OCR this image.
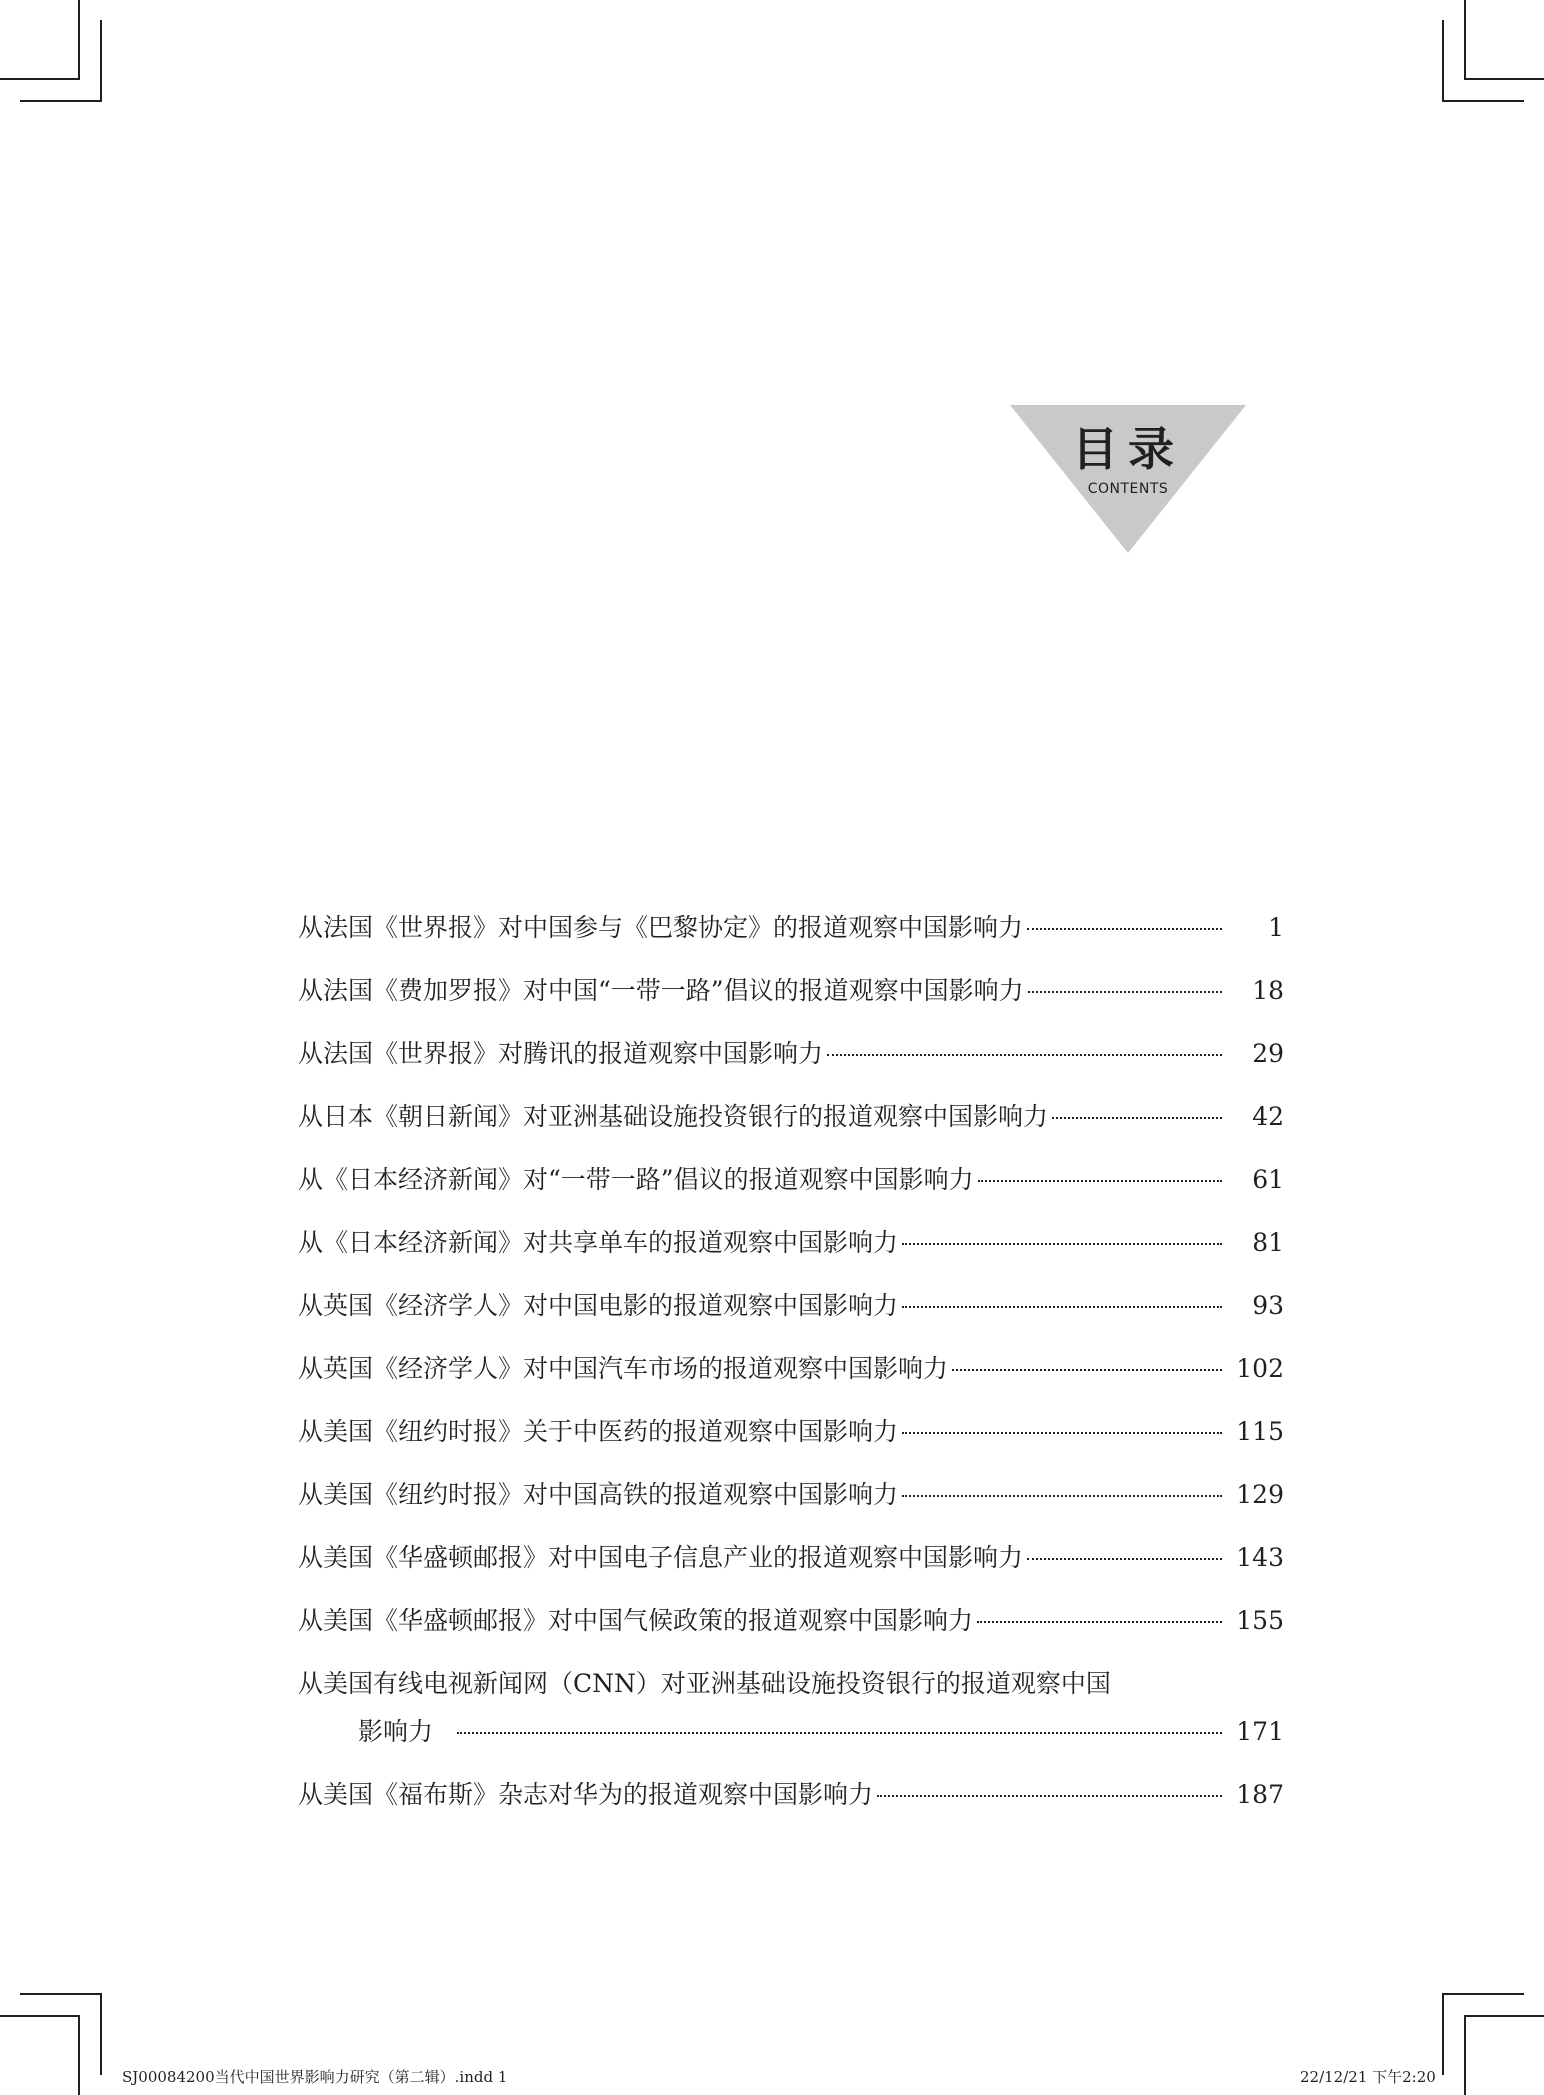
目录
CONTENTS
从法国《世界报》对中国参与《巴黎协定》的报道观察中国影响力	1
从法国《费加罗报》对中国“一带一路”倡议的报道观察中国影响力	18
从法国《世界报》对腾讯的报道观察中国影响力	29
从日本《朝日新闻》对亚洲基础设施投资银行的报道观察中国影响力	42
从《日本经济新闻》对“一带一路”倡议的报道观察中国影响力	61
从《日本经济新闻》对共享单车的报道观察中国影响力	81
从英国《经济学人》对中国电影的报道观察中国影响力	93
从英国《经济学人》对中国汽车市场的报道观察中国影响力	102
从美国《纽约时报》关于中医药的报道观察中国影响力	115
从美国《纽约时报》对中国高铁的报道观察中国影响力	129
从美国《华盛顿邮报》对中国电子信息产业的报道观察中国影响力	143
从美国《华盛顿邮报》对中国气候政策的报道观察中国影响力	155
从美国有线电视新闻网（CNN）对亚洲基础设施投资银行的报道观察中国
影响力	171
从美国《福布斯》杂志对华为的报道观察中国影响力	187
SJ00084200当代中国世界影响力研究（第二辑）.indd 1	22/12/21 下午2:20
